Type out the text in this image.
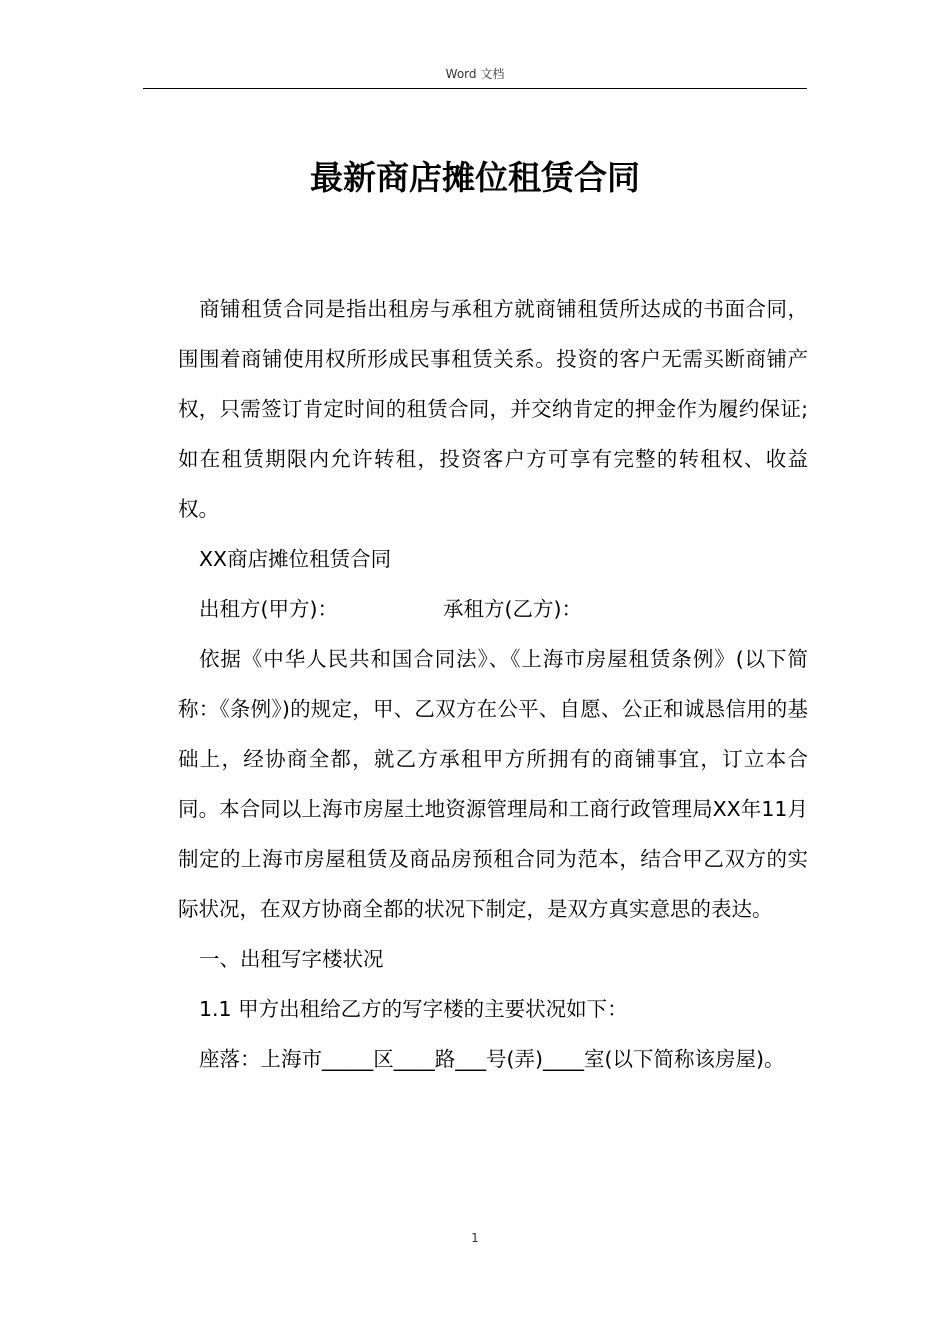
Word 文档
最新商店摊位租赁合同

商铺租赁合同是指出租房与承租方就商铺租赁所达成的书面合同，围围着商铺使用权所形成民事租赁关系。投资的客户无需买断商铺产权，只需签订肯定时间的租赁合同，并交纳肯定的押金作为履约保证;如在租赁期限内允许转租，投资客户方可享有完整的转租权、收益权。

XX商店摊位租赁合同

出租方(甲方)：	承租方(乙方)：

依据《中华人民共和国合同法》、《上海市房屋租赁条例》(以下简称：《条例》)的规定，甲、乙双方在公平、自愿、公正和诚恳信用的基础上，经协商全都，就乙方承租甲方所拥有的商铺事宜，订立本合同。本合同以上海市房屋土地资源管理局和工商行政管理局XX年11月制定的上海市房屋租赁及商品房预租合同为范本，结合甲乙双方的实际状况，在双方协商全都的状况下制定，是双方真实意思的表达。

一、出租写字楼状况

1.1 甲方出租给乙方的写字楼的主要状况如下：

座落：上海市_____区____路___号(弄)____室(以下简称该房屋)。

1
